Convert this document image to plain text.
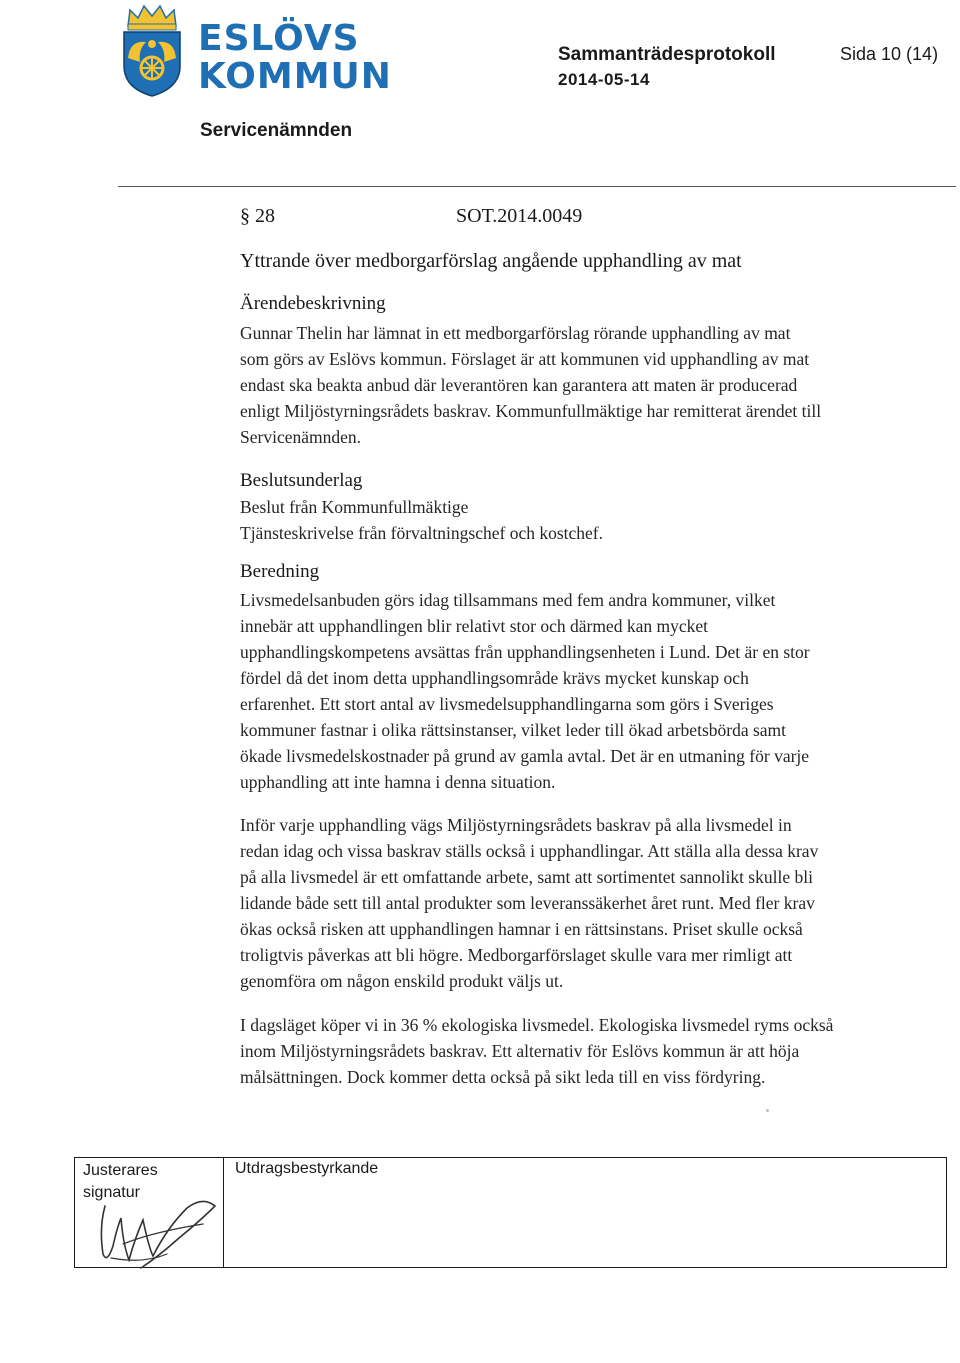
ESLÖVS
KOMMUN
Sammanträdesprotokoll	Sida 10 (14)
2014-05-14
Servicenämnden
§ 28	SOT.2014.0049
Yttrande över medborgarförslag angående upphandling av mat
Ärendebeskrivning
Gunnar Thelin har lämnat in ett medborgarförslag rörande upphandling av mat
som görs av Eslövs kommun. Förslaget är att kommunen vid upphandling av mat
endast ska beakta anbud där leverantören kan garantera att maten är producerad
enligt Miljöstyrningsrådets baskrav. Kommunfullmäktige har remitterat ärendet till
Servicenämnden.
Beslutsunderlag
Beslut från Kommunfullmäktige
Tjänsteskrivelse från förvaltningschef och kostchef.
Beredning
Livsmedelsanbuden görs idag tillsammans med fem andra kommuner, vilket
innebär att upphandlingen blir relativt stor och därmed kan mycket
upphandlingskompetens avsättas från upphandlingsenheten i Lund. Det är en stor
fördel då det inom detta upphandlingsområde krävs mycket kunskap och
erfarenhet. Ett stort antal av livsmedelsupphandlingarna som görs i Sveriges
kommuner fastnar i olika rättsinstanser, vilket leder till ökad arbetsbörda samt
ökade livsmedelskostnader på grund av gamla avtal. Det är en utmaning för varje
upphandling att inte hamna i denna situation.
Inför varje upphandling vägs Miljöstyrningsrådets baskrav på alla livsmedel in
redan idag och vissa baskrav ställs också i upphandlingar. Att ställa alla dessa krav
på alla livsmedel är ett omfattande arbete, samt att sortimentet sannolikt skulle bli
lidande både sett till antal produkter som leveranssäkerhet året runt. Med fler krav
ökas också risken att upphandlingen hamnar i en rättsinstans. Priset skulle också
troligtvis påverkas att bli högre. Medborgarförslaget skulle vara mer rimligt att
genomföra om någon enskild produkt väljs ut.
I dagsläget köper vi in 36 % ekologiska livsmedel. Ekologiska livsmedel ryms också
inom Miljöstyrningsrådets baskrav. Ett alternativ för Eslövs kommun är att höja
målsättningen. Dock kommer detta också på sikt leda till en viss fördyring.
Justerares signatur
Utdragsbestyrkande
